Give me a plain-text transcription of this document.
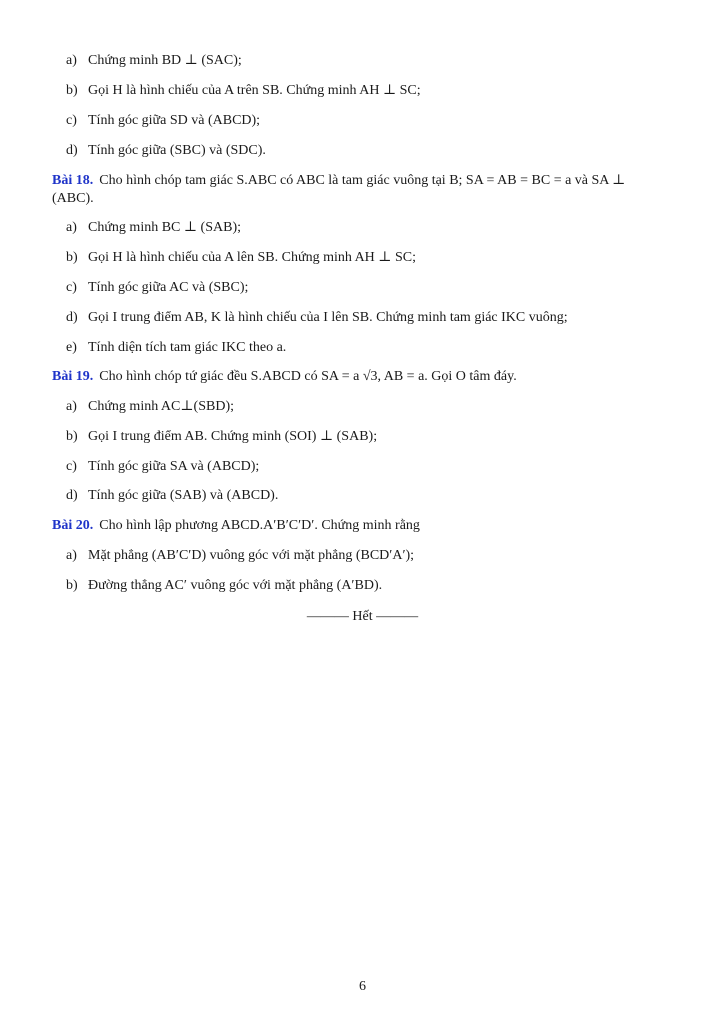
a) Chứng minh BD ⊥ (SAC);
b) Gọi H là hình chiếu của A trên SB. Chứng minh AH ⊥ SC;
c) Tính góc giữa SD và (ABCD);
d) Tính góc giữa (SBC) và (SDC).
Bài 18. Cho hình chóp tam giác S.ABC có ABC là tam giác vuông tại B; SA = AB = BC = a và SA ⊥
(ABC).
a) Chứng minh BC ⊥ (SAB);
b) Gọi H là hình chiếu của A lên SB. Chứng minh AH ⊥ SC;
c) Tính góc giữa AC và (SBC);
d) Gọi I trung điểm AB, K là hình chiếu của I lên SB. Chứng minh tam giác IKC vuông;
e) Tính diện tích tam giác IKC theo a.
Bài 19. Cho hình chóp tứ giác đều S.ABCD có SA = a √3, AB = a. Gọi O tâm đáy.
a) Chứng minh AC⊥(SBD);
b) Gọi I trung điểm AB. Chứng minh (SOI) ⊥ (SAB);
c) Tính góc giữa SA và (ABCD);
d) Tính góc giữa (SAB) và (ABCD).
Bài 20. Cho hình lập phương ABCD.A′B′C′D′. Chứng minh rằng
a) Mặt phẳng (AB′C′D) vuông góc với mặt phẳng (BCD′A′);
b) Đường thẳng AC′ vuông góc với mặt phẳng (A′BD).
——— Hết ———
6
